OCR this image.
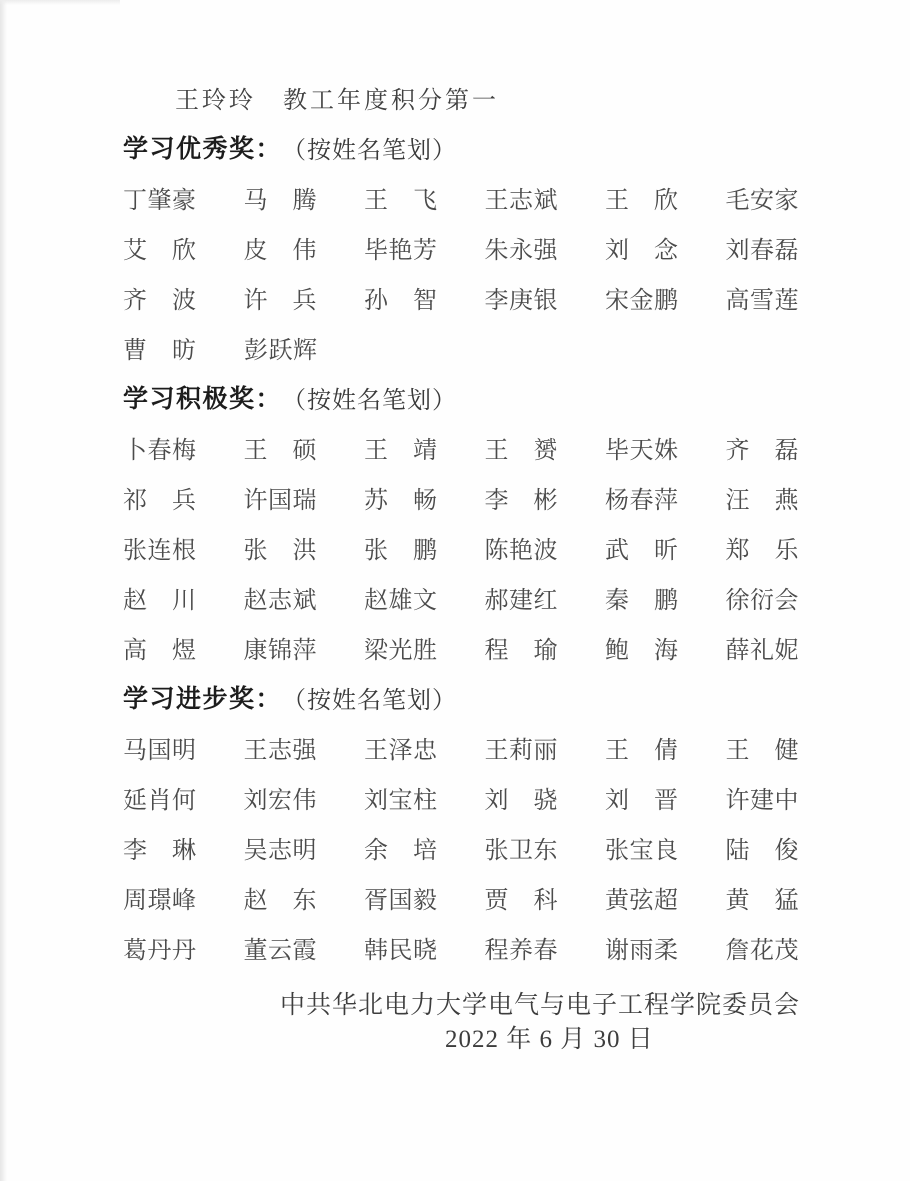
王玲玲　教工年度积分第一

学习优秀奖： （按姓名笔划）
丁肇豪 马　腾 王　飞 王志斌 王　欣 毛安家
艾　欣 皮　伟 毕艳芳 朱永强 刘　念 刘春磊
齐　波 许　兵 孙　智 李庚银 宋金鹏 高雪莲
曹　昉 彭跃辉
学习积极奖： （按姓名笔划）
卜春梅 王　硕 王　靖 王　赟 毕天姝 齐　磊
祁　兵 许国瑞 苏　畅 李　彬 杨春萍 汪　燕
张连根 张　洪 张　鹏 陈艳波 武　昕 郑　乐
赵　川 赵志斌 赵雄文 郝建红 秦　鹏 徐衍会
高　煜 康锦萍 梁光胜 程　瑜 鲍　海 薛礼妮
学习进步奖： （按姓名笔划）
马国明 王志强 王泽忠 王莉丽 王　倩 王　健
延肖何 刘宏伟 刘宝柱 刘　骁 刘　晋 许建中
李　琳 吴志明 余　培 张卫东 张宝良 陆　俊
周璟峰 赵　东 胥国毅 贾　科 黄弦超 黄　猛
葛丹丹 董云霞 韩民晓 程养春 谢雨柔 詹花茂

中共华北电力大学电气与电子工程学院委员会

2022 年 6 月 30 日
